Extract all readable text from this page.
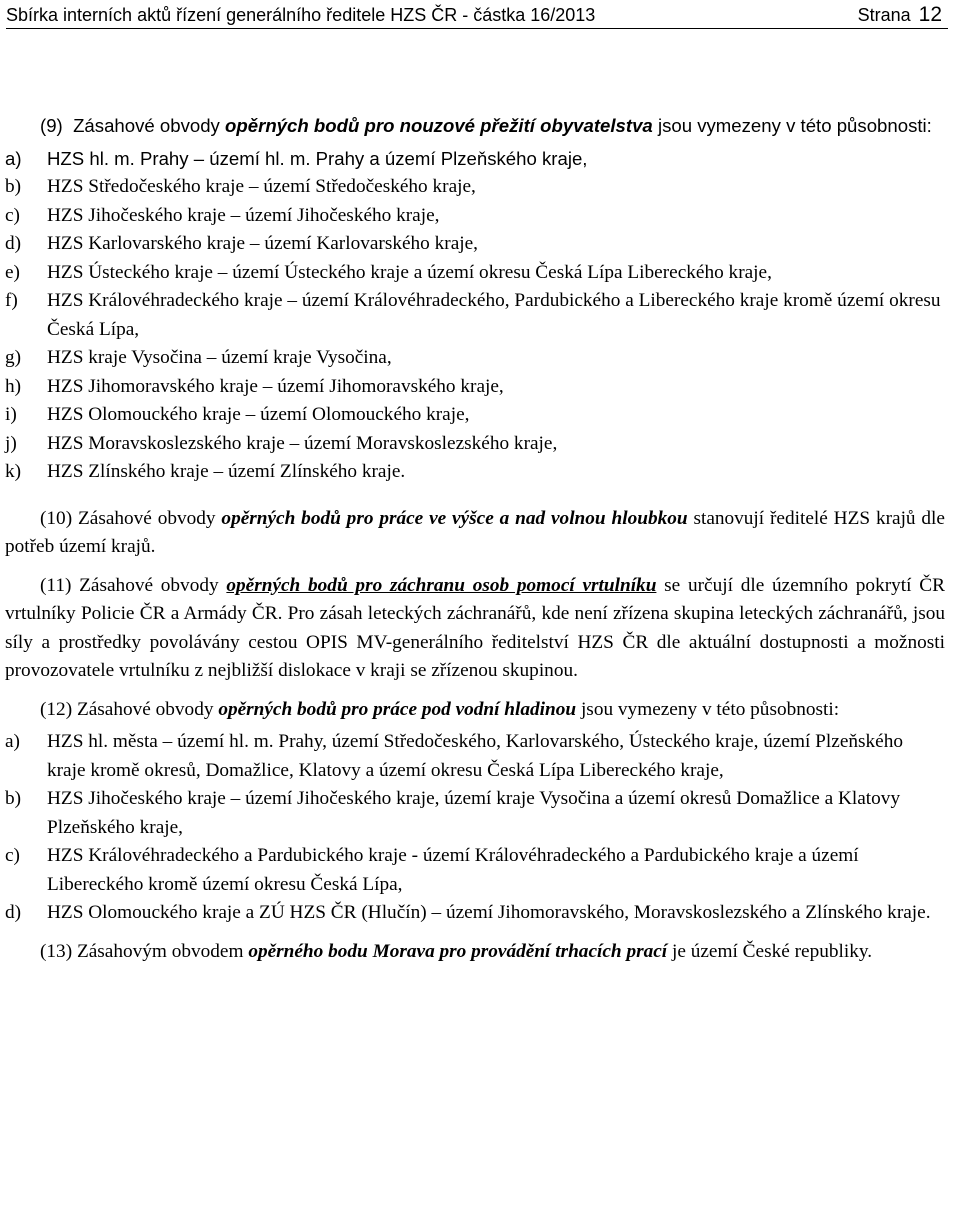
Sbírka interních aktů řízení generálního ředitele HZS ČR - částka 16/2013	Strana 12

(9) Zásahové obvody opěrných bodů pro nouzové přežití obyvatelstva jsou vymezeny v této působnosti:

a) HZS hl. m. Prahy – území hl. m. Prahy a území Plzeňského kraje,
b) HZS Středočeského kraje – území Středočeského kraje,
c) HZS Jihočeského kraje – území Jihočeského kraje,
d) HZS Karlovarského kraje – území Karlovarského kraje,
e) HZS Ústeckého kraje – území Ústeckého kraje a území okresu Česká Lípa Libereckého kraje,
f) HZS Královéhradeckého kraje – území Královéhradeckého, Pardubického a Libereckého kraje kromě území okresu Česká Lípa,
g) HZS kraje Vysočina – území kraje Vysočina,
h) HZS Jihomoravského kraje – území Jihomoravského kraje,
i) HZS Olomouckého kraje – území Olomouckého kraje,
j) HZS Moravskoslezského kraje – území Moravskoslezského kraje,
k) HZS Zlínského kraje – území Zlínského kraje.

(10) Zásahové obvody opěrných bodů pro práce ve výšce a nad volnou hloubkou stanovují ředitelé HZS krajů dle potřeb území krajů.

(11) Zásahové obvody opěrných bodů pro záchranu osob pomocí vrtulníku se určují dle územního pokrytí ČR vrtulníky Policie ČR a Armády ČR. Pro zásah leteckých záchranářů, kde není zřízena skupina leteckých záchranářů, jsou síly a prostředky povolávány cestou OPIS MV-generálního ředitelství HZS ČR dle aktuální dostupnosti a možnosti provozovatele vrtulníku z nejbližší dislokace v kraji se zřízenou skupinou.

(12) Zásahové obvody opěrných bodů pro práce pod vodní hladinou jsou vymezeny v této působnosti:

a) HZS hl. města – území hl. m. Prahy, území Středočeského, Karlovarského, Ústeckého kraje, území Plzeňského kraje kromě okresů, Domažlice, Klatovy a území okresu Česká Lípa Libereckého kraje,
b) HZS Jihočeského kraje – území Jihočeského kraje, území kraje Vysočina a území okresů Domažlice a Klatovy Plzeňského kraje,
c) HZS Královéhradeckého a Pardubického kraje - území Královéhradeckého a Pardubického kraje a území Libereckého kromě území okresu Česká Lípa,
d) HZS Olomouckého kraje a ZÚ HZS ČR (Hlučín) – území Jihomoravského, Moravskoslezského a Zlínského kraje.

(13) Zásahovým obvodem opěrného bodu Morava pro provádění trhacích prací je území České republiky.
